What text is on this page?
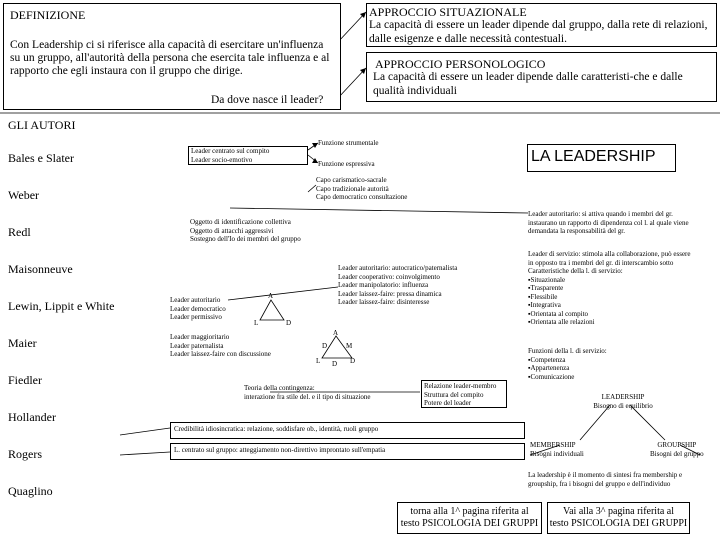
DEFINIZIONE
Con Leadership ci si riferisce alla capacità di esercitare un'influenza su un gruppo, all'autorità della persona che esercita tale influenza e al rapporto che egli instaura con il gruppo che dirige.
Da dove nasce il leader?
APPROCCIO SITUAZIONALE
La capacità di essere un leader dipende dal gruppo, dalla rete di relazioni, dalle esigenze e dalle necessità contestuali.
APPROCCIO PERSONOLOGICO
La capacità di essere un leader dipende dalle caratteristi-che e dalle qualità individuali
GLI AUTORI
LA LEADERSHIP
Bales e Slater
Weber
Redl
Maisonneuve
Lewin, Lippit e White
Maier
Fiedler
Hollander
Rogers
Quaglino
Leader centrato sul compito
Leader socio-emotivo
Funzione strumentale
Funzione espressiva
Capo carismatico-sacrale
Capo tradizionale autorità
Capo democratico consultazione
Oggetto di identificazione collettiva
Oggetto di attacchi aggressivi
Sostegno dell'Io dei membri del gruppo
Leader autoritario: autocratico/paternalista
Leader cooperativo: coinvolgimento
Leader manipolatorio: influenza
Leader laissez-faire: pressa dinamica
Leader laissez-faire: disinteresse
Leader autoritario
Leader democratico
Leader permissivo
A
L	D
Leader maggioritario
Leader paternalista
Leader laissez-faire con discussione
A
D	M
L D D
Teoria della contingenza:
interazione fra stile del. e il tipo di situazione
Relazione leader-membro
Struttura del compito
Potere del leader
Credibilità idiosincratica: relazione, soddisfare ob., identità, ruoli gruppo
L. centrato sul gruppo: atteggiamento non-direttivo improntato sull'empatia
Leader autoritario: si attiva quando i membri del gr.
instaurano un rapporto di dipendenza col l. al quale viene
demandata la responsabilità del gr.
Leader di servizio: stimola alla collaborazione, può essere
in opposto tra i membri del gr. di interscambio sotto
Caratteristiche della l. di servizio:
▪Situazionale
▪Trasparente
▪Flessibile
▪Integrativa
▪Orientata al compito
▪Orientata alle relazioni
Funzioni della l. di servizio:
▪Competenza
▪Appartenenza
▪Comunicazione
LEADERSHIP
Bisogno di equilibrio
MEMBERSHIP
Bisogni individuali
GROUPSHIP
Bisogni del gruppo
La leadership è il momento di sintesi fra membership e
groupship, fra i bisogni del gruppo e dell'individuo
torna alla 1^ pagina riferita al
testo PSICOLOGIA DEI GRUPPI
Vai alla 3^ pagina riferita al
testo PSICOLOGIA DEI GRUPPI
